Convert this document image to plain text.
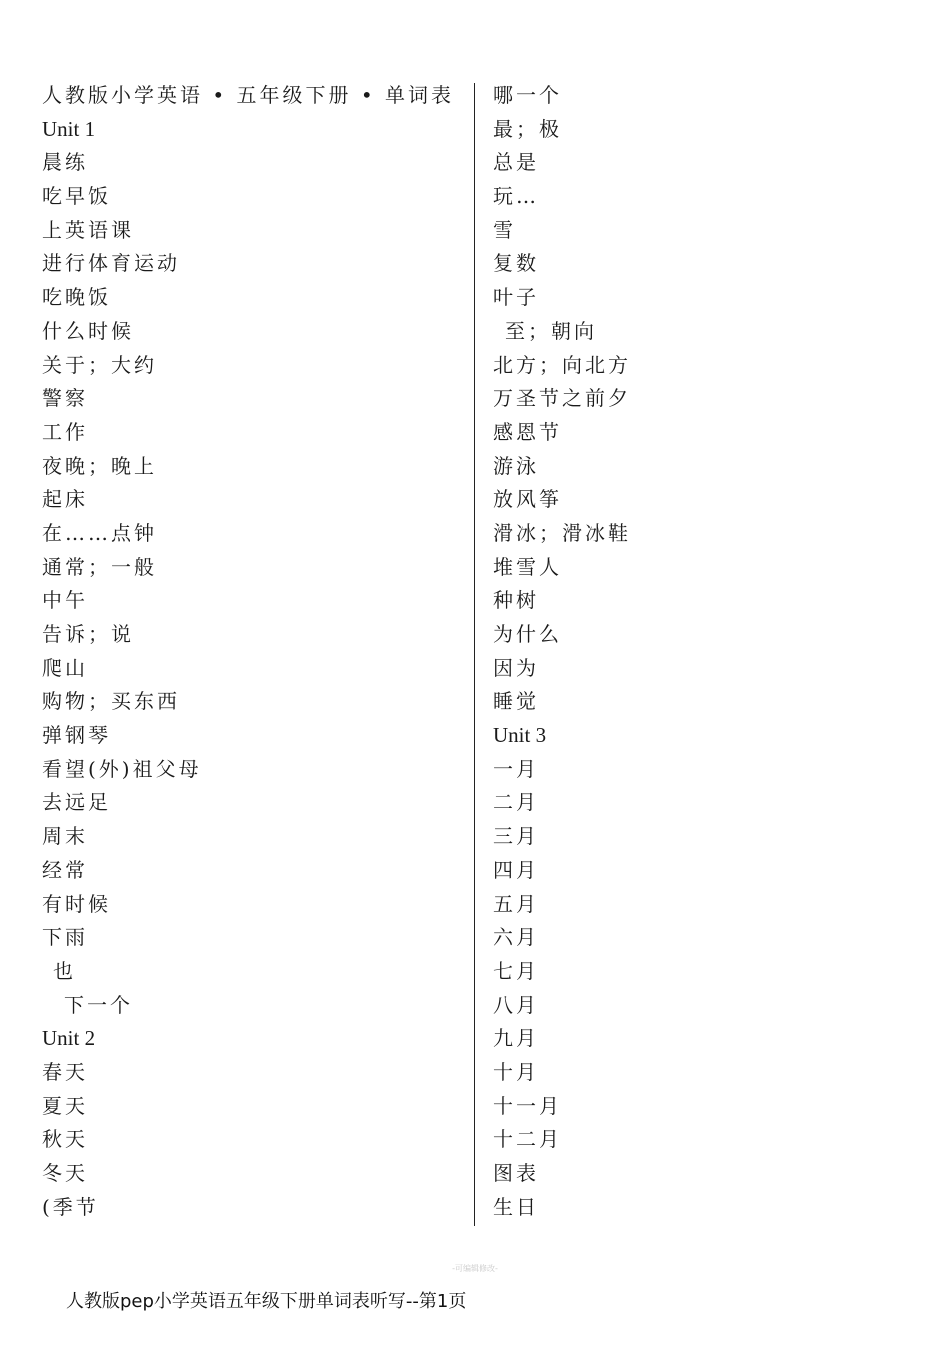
人教版小学英语 • 五年级下册 • 单词表
Unit 1
晨练
吃早饭
上英语课
进行体育运动
吃晚饭
什么时候
关于；大约
警察
工作
夜晚；晚上
起床
在……点钟
通常；一般
中午
告诉；说
爬山
购物；买东西
弹钢琴
看望(外)祖父母
去远足
周末
经常
有时候
下雨
也
下一个
Unit 2
春天
夏天
秋天
冬天
(季节
哪一个
最；极
总是
玩…
雪
复数
叶子
至；朝向
北方；向北方
万圣节之前夕
感恩节
游泳
放风筝
滑冰；滑冰鞋
堆雪人
种树
为什么
因为
睡觉
Unit 3
一月
二月
三月
四月
五月
六月
七月
八月
九月
十月
十一月
十二月
图表
生日
-可编辑修改-
人教版pep小学英语五年级下册单词表听写--第1页
